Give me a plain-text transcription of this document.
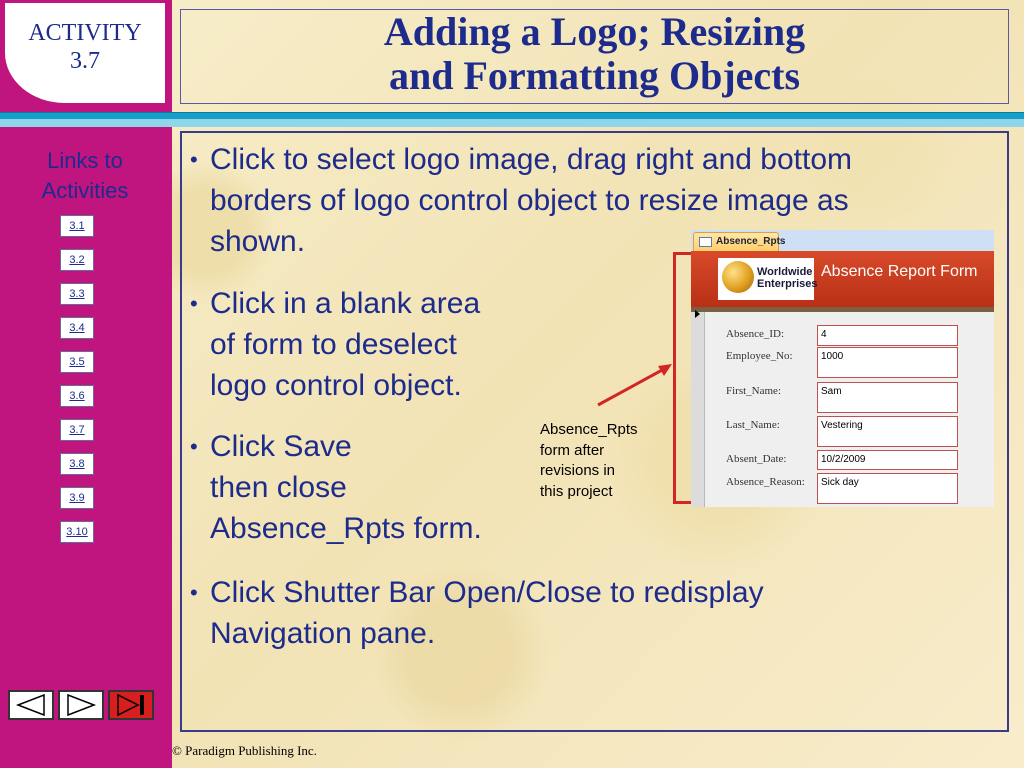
ACTIVITY
3.7
Links to
Activities
3.1
3.2
3.3
3.4
3.5
3.6
3.7
3.8
3.9
3.10
Adding a Logo; Resizing
and Formatting Objects
• Click to select logo image, drag right and bottom
borders of logo control object to resize image as
shown.
• Click in a blank area
of form to deselect
logo control object.
• Click Save
then close
Absence_Rpts form.
• Click Shutter Bar Open/Close to redisplay
Navigation pane.
Absence_Rpts
form after
revisions in
this project
Absence_Rpts
Worldwide
Enterprises
Absence Report Form
Absence_ID:	4
Employee_No:	1000
First_Name:	Sam
Last_Name:	Vestering
Absent_Date:	10/2/2009
Absence_Reason:	Sick day
© Paradigm Publishing Inc.
